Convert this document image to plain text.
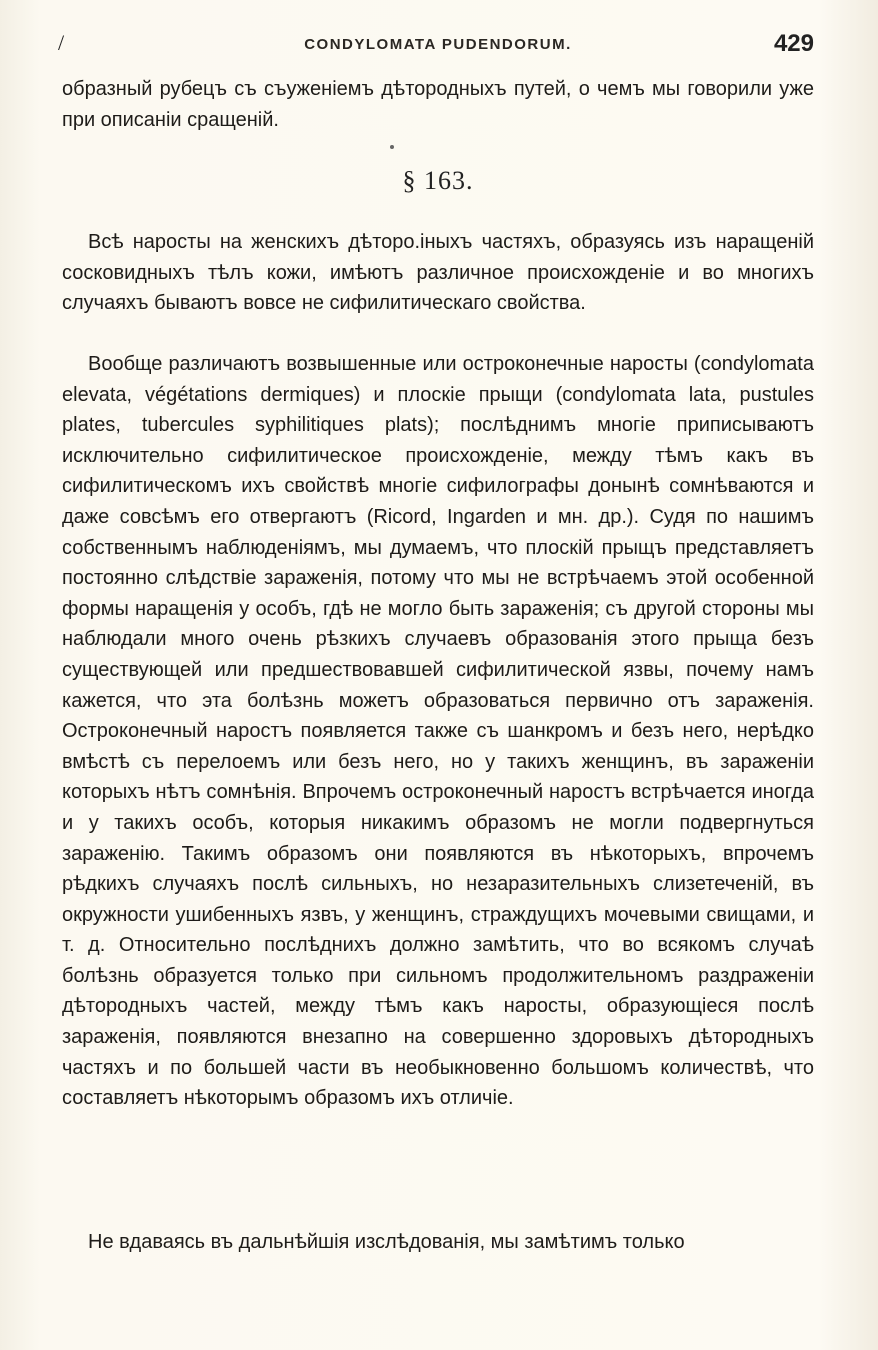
/	CONDYLOMATA PUDENDORUM.	429

образный рубецъ съ съуженіемъ дѣтородныхъ путей, о чемъ мы говорили уже при описаніи сращеній.

§ 163.

Всѣ наросты на женскихъ дѣторо.іныхъ частяхъ, образуясь изъ наращеній сосковидныхъ тѣлъ кожи, имѣютъ различное происхожденіе и во многихъ случаяхъ бываютъ вовсе не сифилитическаго свойства.

Вообще различаютъ возвышенные или остроконечные наросты (condylomata elevata, végétations dermiques) и плоскіе прыщи (condylomata lata, pustules plates, tubercules syphilitiques plats); послѣднимъ многіе приписываютъ исключительно сифилитическое происхожденіе, между тѣмъ какъ въ сифилитическомъ ихъ свойствѣ многіе сифилографы донынѣ сомнѣваются и даже совсѣмъ его отвергаютъ (Ricord, Ingarden и мн. др.). Судя по нашимъ собственнымъ наблюденіямъ, мы думаемъ, что плоскій прыщъ представляетъ постоянно слѣдствіе зараженія, потому что мы не встрѣчаемъ этой особенной формы наращенія у особъ, гдѣ не могло быть зараженія; съ другой стороны мы наблюдали много очень рѣзкихъ случаевъ образованія этого прыща безъ существующей или предшествовавшей сифилитической язвы, почему намъ кажется, что эта болѣзнь можетъ образоваться первично отъ зараженія. Остроконечный наростъ появляется также съ шанкромъ и безъ него, нерѣдко вмѣстѣ съ перелоемъ или безъ него, но у такихъ женщинъ, въ зараженіи которыхъ нѣтъ сомнѣнія. Впрочемъ остроконечный наростъ встрѣчается иногда и у такихъ особъ, которыя никакимъ образомъ не могли подвергнуться зараженію. Такимъ образомъ они появляются въ нѣкоторыхъ, впрочемъ рѣдкихъ случаяхъ послѣ сильныхъ, но незаразительныхъ слизетеченій, въ окружности ушибенныхъ язвъ, у женщинъ, страждущихъ мочевыми свищами, и т. д. Относительно послѣднихъ должно замѣтить, что во всякомъ случаѣ болѣзнь образуется только при сильномъ продолжительномъ раздраженіи дѣтородныхъ частей, между тѣмъ какъ наросты, образующіеся послѣ зараженія, появляются внезапно на совершенно здоровыхъ дѣтородныхъ частяхъ и по большей части въ необыкновенно большомъ количествѣ, что составляетъ нѣкоторымъ образомъ ихъ отличіе.

Не вдаваясь въ дальнѣйшія изслѣдованія, мы замѣтимъ только
